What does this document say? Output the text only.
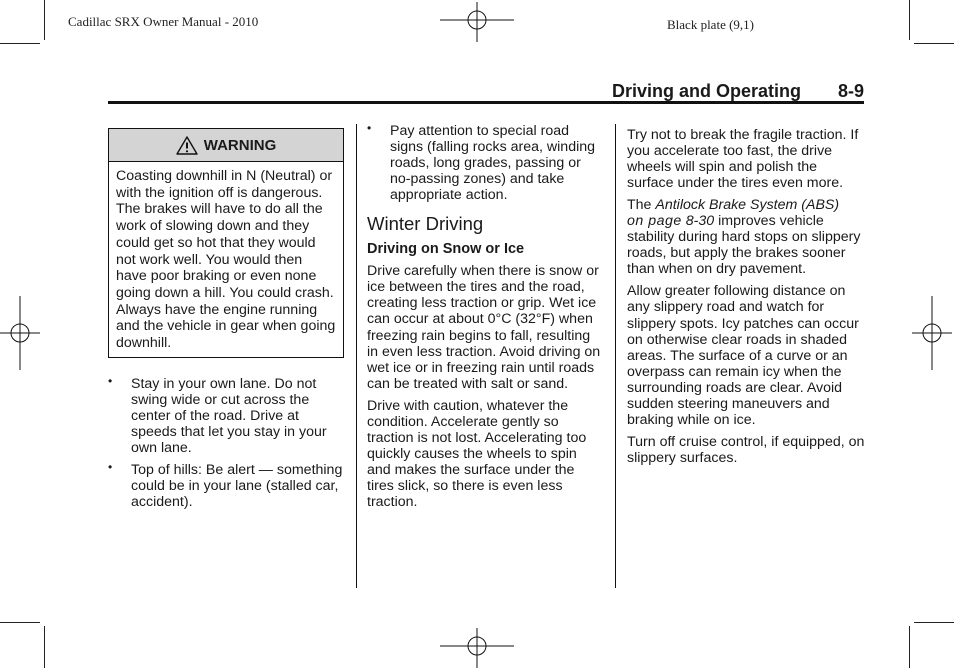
Cadillac SRX Owner Manual - 2010	Black plate (9,1)
Driving and Operating 8-9
WARNING
Coasting downhill in N (Neutral) or with the ignition off is dangerous. The brakes will have to do all the work of slowing down and they could get so hot that they would not work well. You would then have poor braking or even none going down a hill. You could crash. Always have the engine running and the vehicle in gear when going downhill.
• Stay in your own lane. Do not swing wide or cut across the center of the road. Drive at speeds that let you stay in your own lane.
• Top of hills: Be alert — something could be in your lane (stalled car, accident).
• Pay attention to special road signs (falling rocks area, winding roads, long grades, passing or no-passing zones) and take appropriate action.
Winter Driving
Driving on Snow or Ice

Drive carefully when there is snow or ice between the tires and the road, creating less traction or grip. Wet ice can occur at about 0°C (32°F) when freezing rain begins to fall, resulting in even less traction. Avoid driving on wet ice or in freezing rain until roads can be treated with salt or sand.

Drive with caution, whatever the condition. Accelerate gently so traction is not lost. Accelerating too quickly causes the wheels to spin and makes the surface under the tires slick, so there is even less traction.

Try not to break the fragile traction. If you accelerate too fast, the drive wheels will spin and polish the surface under the tires even more.

The Antilock Brake System (ABS)
on page 8-30 improves vehicle stability during hard stops on slippery roads, but apply the brakes sooner than when on dry pavement.

Allow greater following distance on any slippery road and watch for slippery spots. Icy patches can occur on otherwise clear roads in shaded areas. The surface of a curve or an overpass can remain icy when the surrounding roads are clear. Avoid sudden steering maneuvers and braking while on ice.

Turn off cruise control, if equipped, on slippery surfaces.
